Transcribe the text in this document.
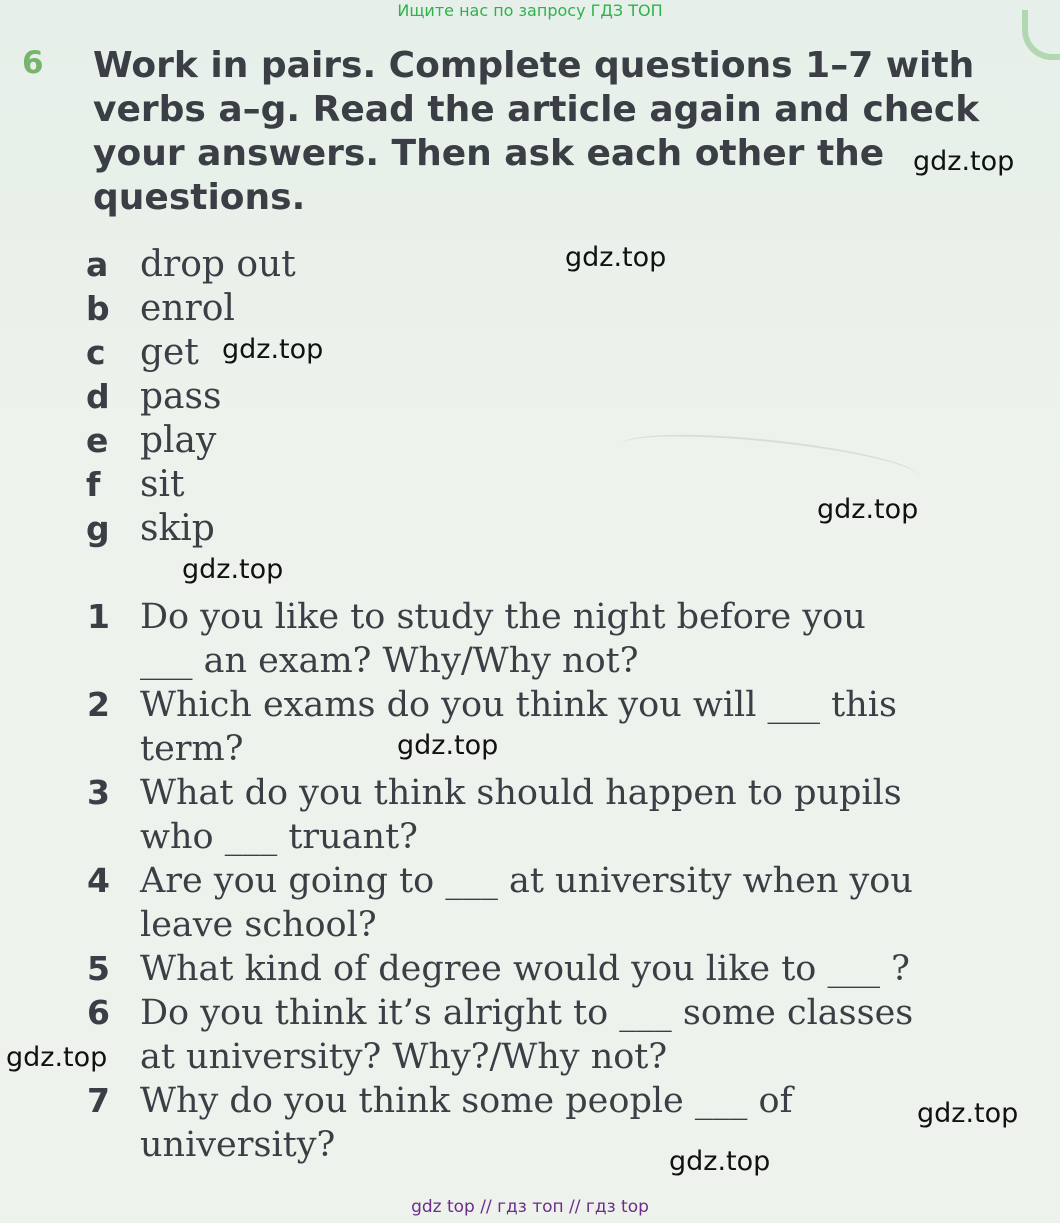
Ищите нас по запросу ГДЗ ТОП
6 Work in pairs. Complete questions 1–7 with
verbs a–g. Read the article again and check
your answers. Then ask each other the
questions.
a drop out
b enrol
c get
d pass
e play
f sit
g skip
1 Do you like to study the night before you
___ an exam? Why/Why not?
2 Which exams do you think you will ___ this
term?
3 What do you think should happen to pupils
who ___ truant?
4 Are you going to ___ at university when you
leave school?
5 What kind of degree would you like to ___ ?
6 Do you think it’s alright to ___ some classes
at university? Why?/Why not?
7 Why do you think some people ___ of
university?
gdz.top
gdz.top
gdz.top
gdz.top
gdz.top
gdz.top
gdz.top
gdz.top
gdz.top
gdz top // гдз топ // гдз top
